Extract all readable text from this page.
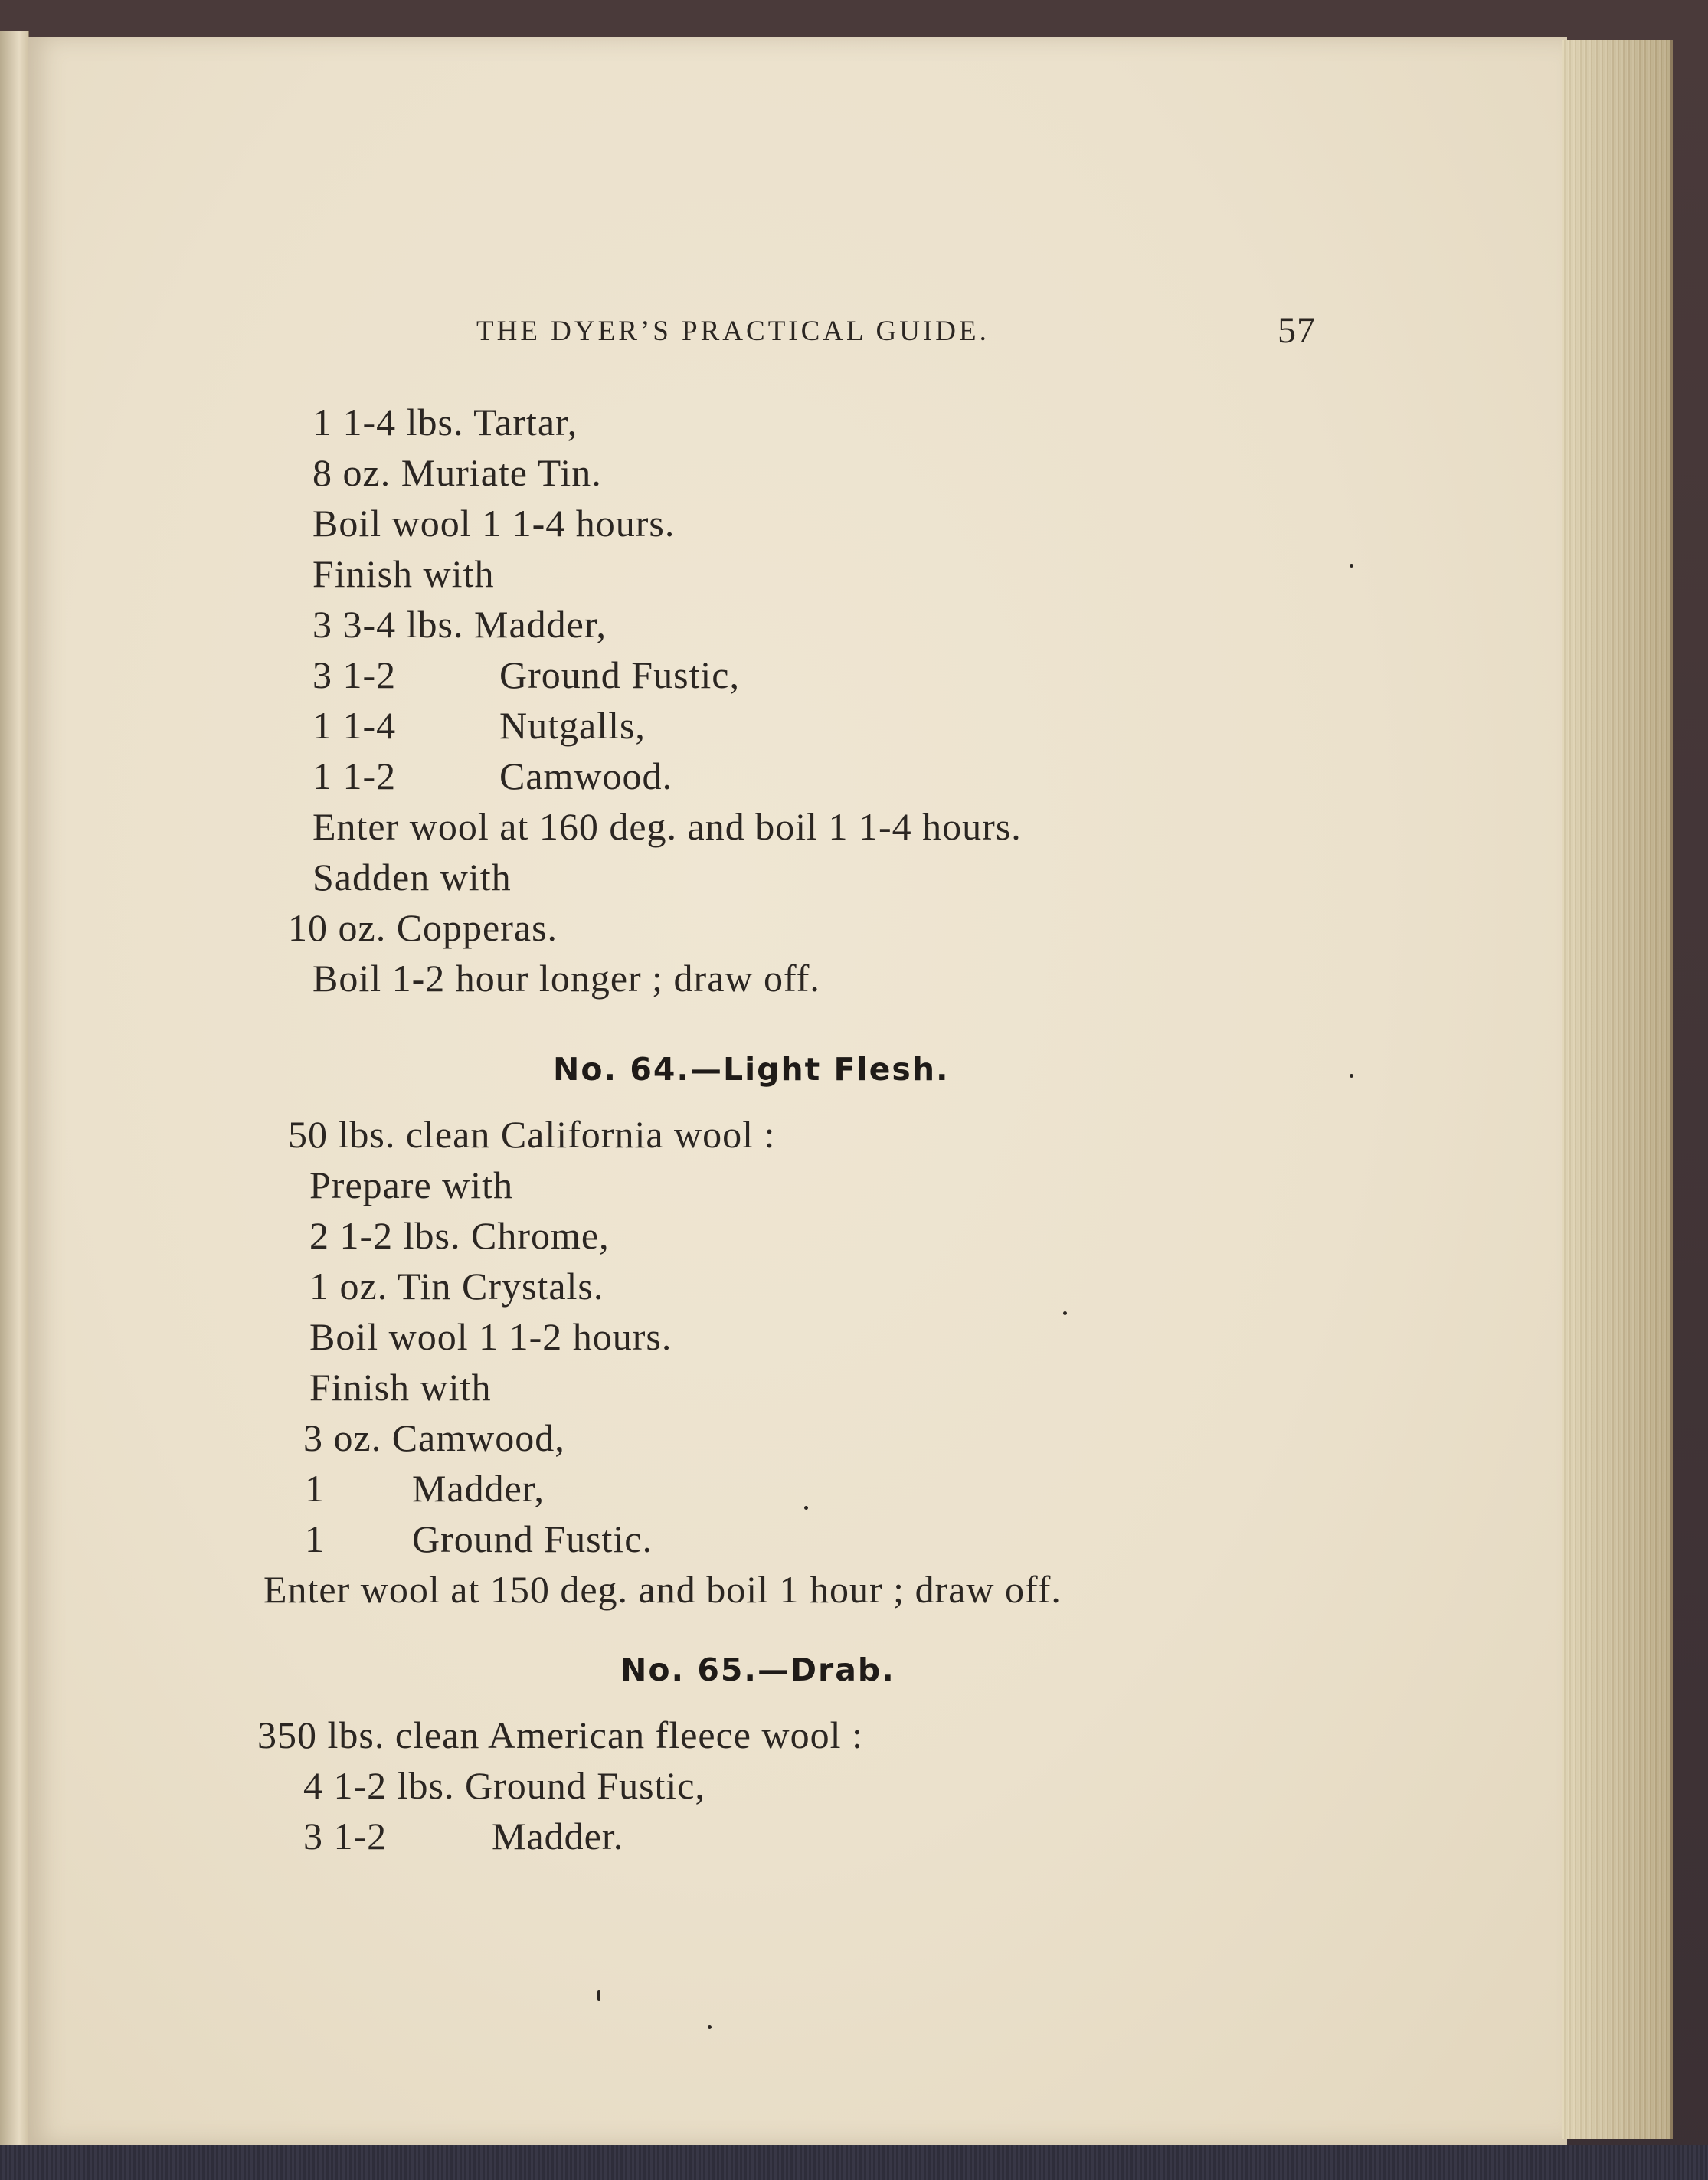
THE DYER’S PRACTICAL GUIDE.	57
1 1-4 lbs. Tartar,
8 oz. Muriate Tin.
Boil wool 1 1-4 hours.
Finish with
3 3-4 lbs. Madder,
3 1-2	Ground Fustic,
1 1-4	Nutgalls,
1 1-2	Camwood.
Enter wool at 160 deg. and boil 1 1-4 hours.
Sadden with
10 oz. Copperas.
Boil 1-2 hour longer ; draw off.
No. 64.—Light Flesh.
50 lbs. clean California wool :
Prepare with
2 1-2 lbs. Chrome,
1 oz. Tin Crystals.
Boil wool 1 1-2 hours.
Finish with
3 oz. Camwood,
1 Madder,
1 Ground Fustic.
Enter wool at 150 deg. and boil 1 hour ; draw off.
No. 65.—Drab.
350 lbs. clean American fleece wool :
4 1-2 lbs. Ground Fustic,
3 1-2	Madder.
